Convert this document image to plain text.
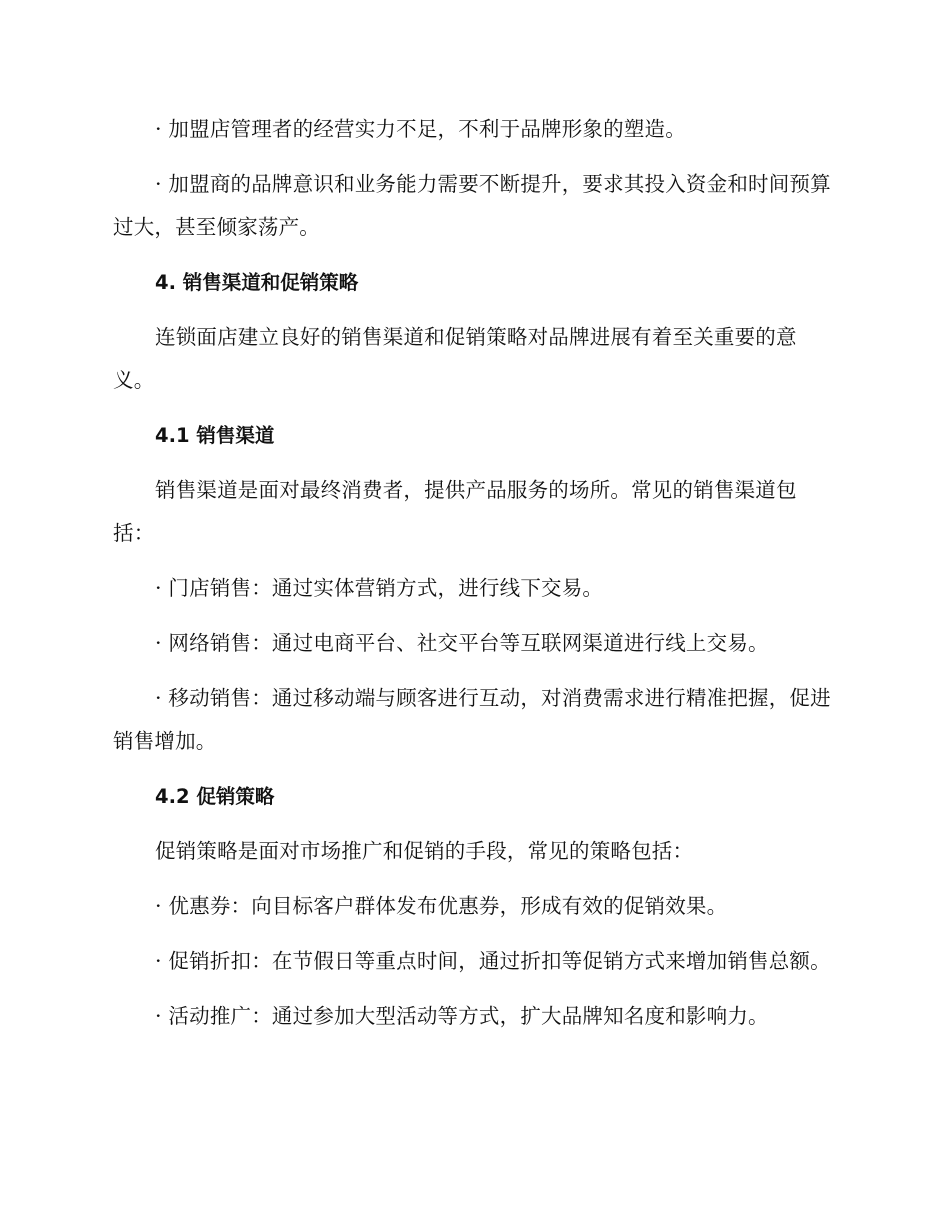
· 加盟店管理者的经营实力不足，不利于品牌形象的塑造。

· 加盟商的品牌意识和业务能力需要不断提升，要求其投入资金和时间预算过大，甚至倾家荡产。

4. 销售渠道和促销策略

连锁面店建立良好的销售渠道和促销策略对品牌进展有着至关重要的意义。

4.1 销售渠道

销售渠道是面对最终消费者，提供产品服务的场所。常见的销售渠道包括：

· 门店销售：通过实体营销方式，进行线下交易。

· 网络销售：通过电商平台、社交平台等互联网渠道进行线上交易。

· 移动销售：通过移动端与顾客进行互动，对消费需求进行精准把握，促进销售增加。

4.2 促销策略

促销策略是面对市场推广和促销的手段，常见的策略包括：

· 优惠券：向目标客户群体发布优惠券，形成有效的促销效果。

· 促销折扣：在节假日等重点时间，通过折扣等促销方式来增加销售总额。

· 活动推广：通过参加大型活动等方式，扩大品牌知名度和影响力。
